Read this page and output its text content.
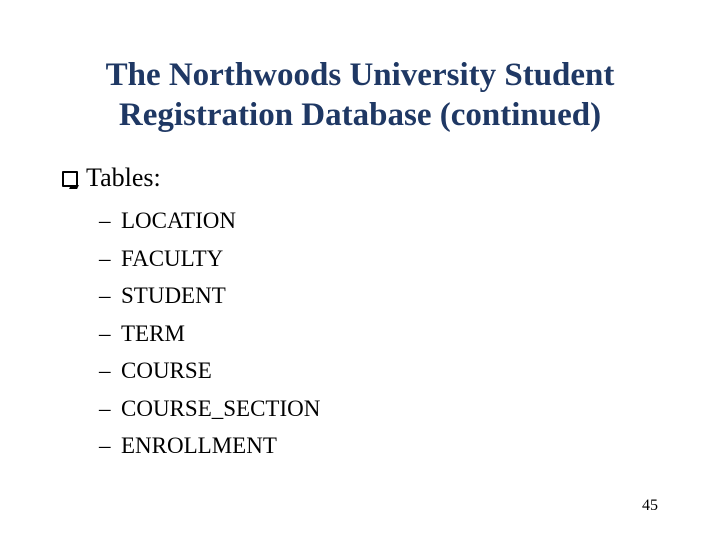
The Northwoods University Student
Registration Database (continued)
Tables:
– LOCATION
– FACULTY
– STUDENT
– TERM
– COURSE
– COURSE_SECTION
– ENROLLMENT
45
